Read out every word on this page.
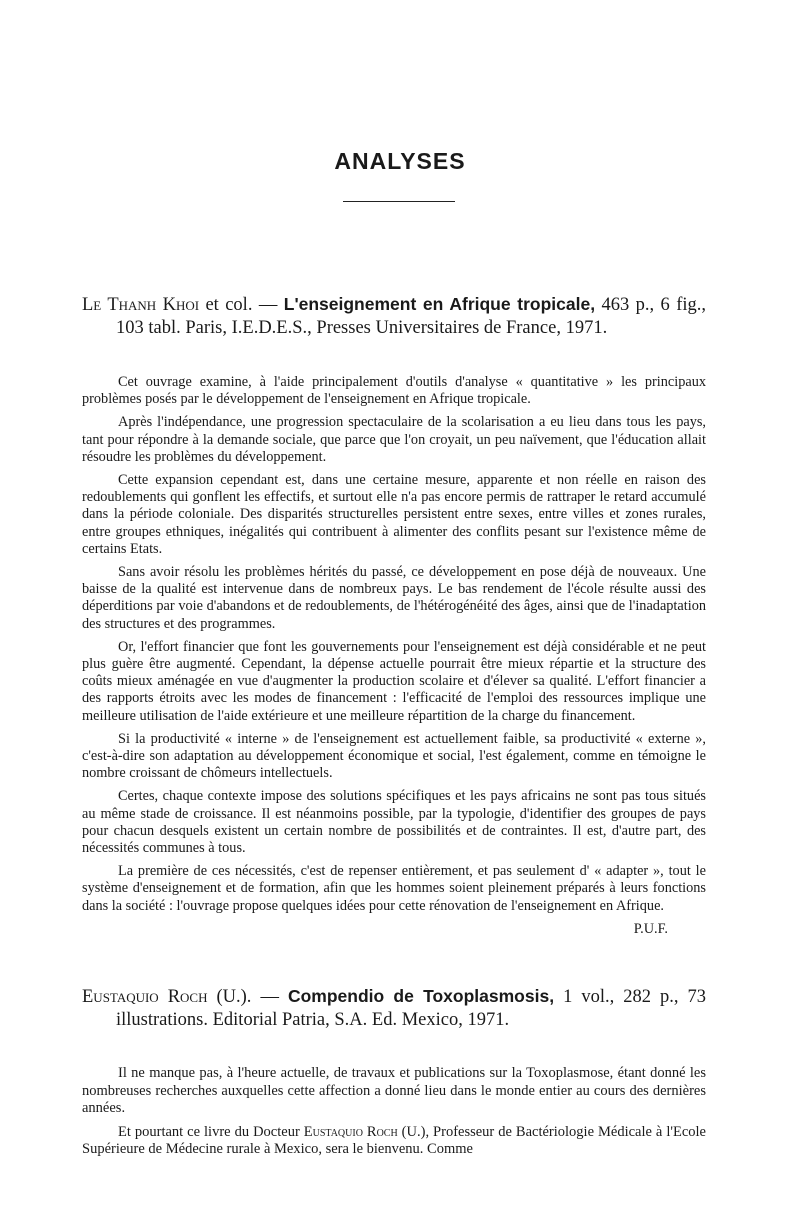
ANALYSES

Le Thanh Khoi et col. — L'enseignement en Afrique tropicale, 463 p., 6 fig., 103 tabl. Paris, I.E.D.E.S., Presses Universitaires de France, 1971.

Cet ouvrage examine, à l'aide principalement d'outils d'analyse « quantitative » les principaux problèmes posés par le développement de l'enseignement en Afrique tropicale.

Après l'indépendance, une progression spectaculaire de la scolarisation a eu lieu dans tous les pays, tant pour répondre à la demande sociale, que parce que l'on croyait, un peu naïvement, que l'éducation allait résoudre les problèmes du développement.

Cette expansion cependant est, dans une certaine mesure, apparente et non réelle en raison des redoublements qui gonflent les effectifs, et surtout elle n'a pas encore permis de rattraper le retard accumulé dans la période coloniale. Des disparités structurelles persistent entre sexes, entre villes et zones rurales, entre groupes ethniques, inégalités qui contribuent à alimenter des conflits pesant sur l'existence même de certains Etats.

Sans avoir résolu les problèmes hérités du passé, ce développement en pose déjà de nouveaux. Une baisse de la qualité est intervenue dans de nombreux pays. Le bas rendement de l'école résulte aussi des déperditions par voie d'abandons et de redoublements, de l'hétérogénéité des âges, ainsi que de l'inadaptation des structures et des programmes.

Or, l'effort financier que font les gouvernements pour l'enseignement est déjà considérable et ne peut plus guère être augmenté. Cependant, la dépense actuelle pourrait être mieux répartie et la structure des coûts mieux aménagée en vue d'augmenter la production scolaire et d'élever sa qualité. L'effort financier a des rapports étroits avec les modes de financement : l'efficacité de l'emploi des ressources implique une meilleure utilisation de l'aide extérieure et une meilleure répartition de la charge du financement.

Si la productivité « interne » de l'enseignement est actuellement faible, sa productivité « externe », c'est-à-dire son adaptation au développement économique et social, l'est également, comme en témoigne le nombre croissant de chômeurs intellectuels.

Certes, chaque contexte impose des solutions spécifiques et les pays africains ne sont pas tous situés au même stade de croissance. Il est néanmoins possible, par la typologie, d'identifier des groupes de pays pour chacun desquels existent un certain nombre de possibilités et de contraintes. Il est, d'autre part, des nécessités communes à tous.

La première de ces nécessités, c'est de repenser entièrement, et pas seulement d' « adapter », tout le système d'enseignement et de formation, afin que les hommes soient pleinement préparés à leurs fonctions dans la société : l'ouvrage propose quelques idées pour cette rénovation de l'enseignement en Afrique.

P.U.F.

Eustaquio Roch (U.). — Compendio de Toxoplasmosis, 1 vol., 282 p., 73 illustrations. Editorial Patria, S.A. Ed. Mexico, 1971.

Il ne manque pas, à l'heure actuelle, de travaux et publications sur la Toxoplasmose, étant donné les nombreuses recherches auxquelles cette affection a donné lieu dans le monde entier au cours des dernières années.

Et pourtant ce livre du Docteur Eustaquio Roch (U.), Professeur de Bactériologie Médicale à l'Ecole Supérieure de Médecine rurale à Mexico, sera le bienvenu. Comme
